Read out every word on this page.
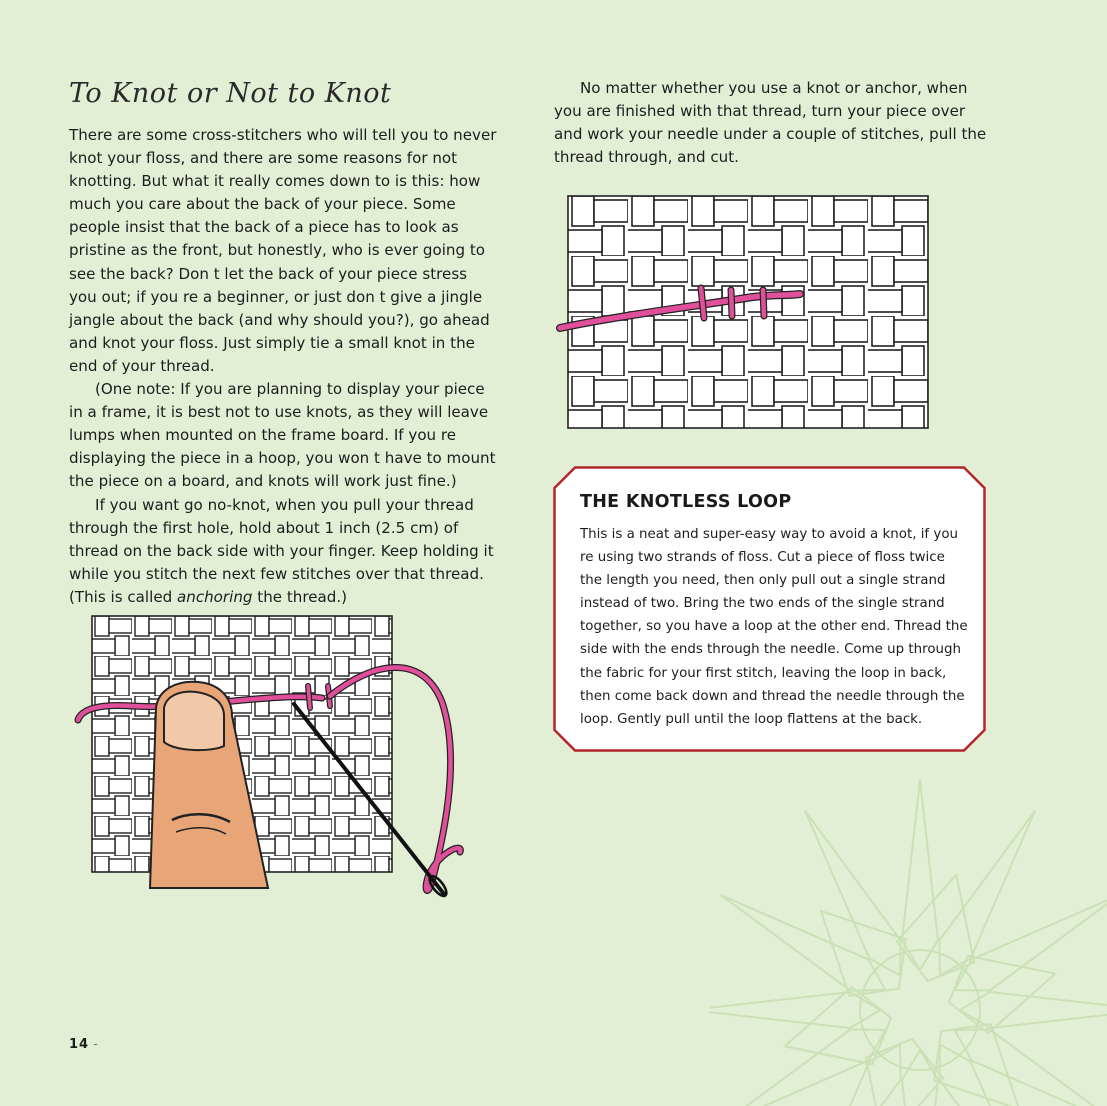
To Knot or Not to Knot

There are some cross-stitchers who will tell you to never knot your floss, and there are some reasons for not knotting. But what it really comes down to is this: how much you care about the back of your piece. Some people insist that the back of a piece has to look as pristine as the front, but honestly, who is ever going to see the back? Don t let the back of your piece stress you out; if you re a beginner, or just don t give a jingle jangle about the back (and why should you?), go ahead and knot your floss. Just simply tie a small knot in the end of your thread.

(One note: If you are planning to display your piece in a frame, it is best not to use knots, as they will leave lumps when mounted on the frame board. If you re displaying the piece in a hoop, you won t have to mount the piece on a board, and knots will work just fine.)

If you want go no-knot, when you pull your thread through the first hole, hold about 1 inch (2.5 cm) of thread on the back side with your finger. Keep holding it while you stitch the next few stitches over that thread. (This is called anchoring the thread.)

No matter whether you use a knot or anchor, when you are finished with that thread, turn your piece over and work your needle under a couple of stitches, pull the thread through, and cut.

THE KNOTLESS LOOP

This is a neat and super-easy way to avoid a knot, if you re using two strands of floss. Cut a piece of floss twice the length you need, then only pull out a single strand instead of two. Bring the two ends of the single strand together, so you have a loop at the other end. Thread the side with the ends through the needle. Come up through the fabric for your first stitch, leaving the loop in back, then come back down and thread the needle through the loop. Gently pull until the loop flattens at the back.

14 -
